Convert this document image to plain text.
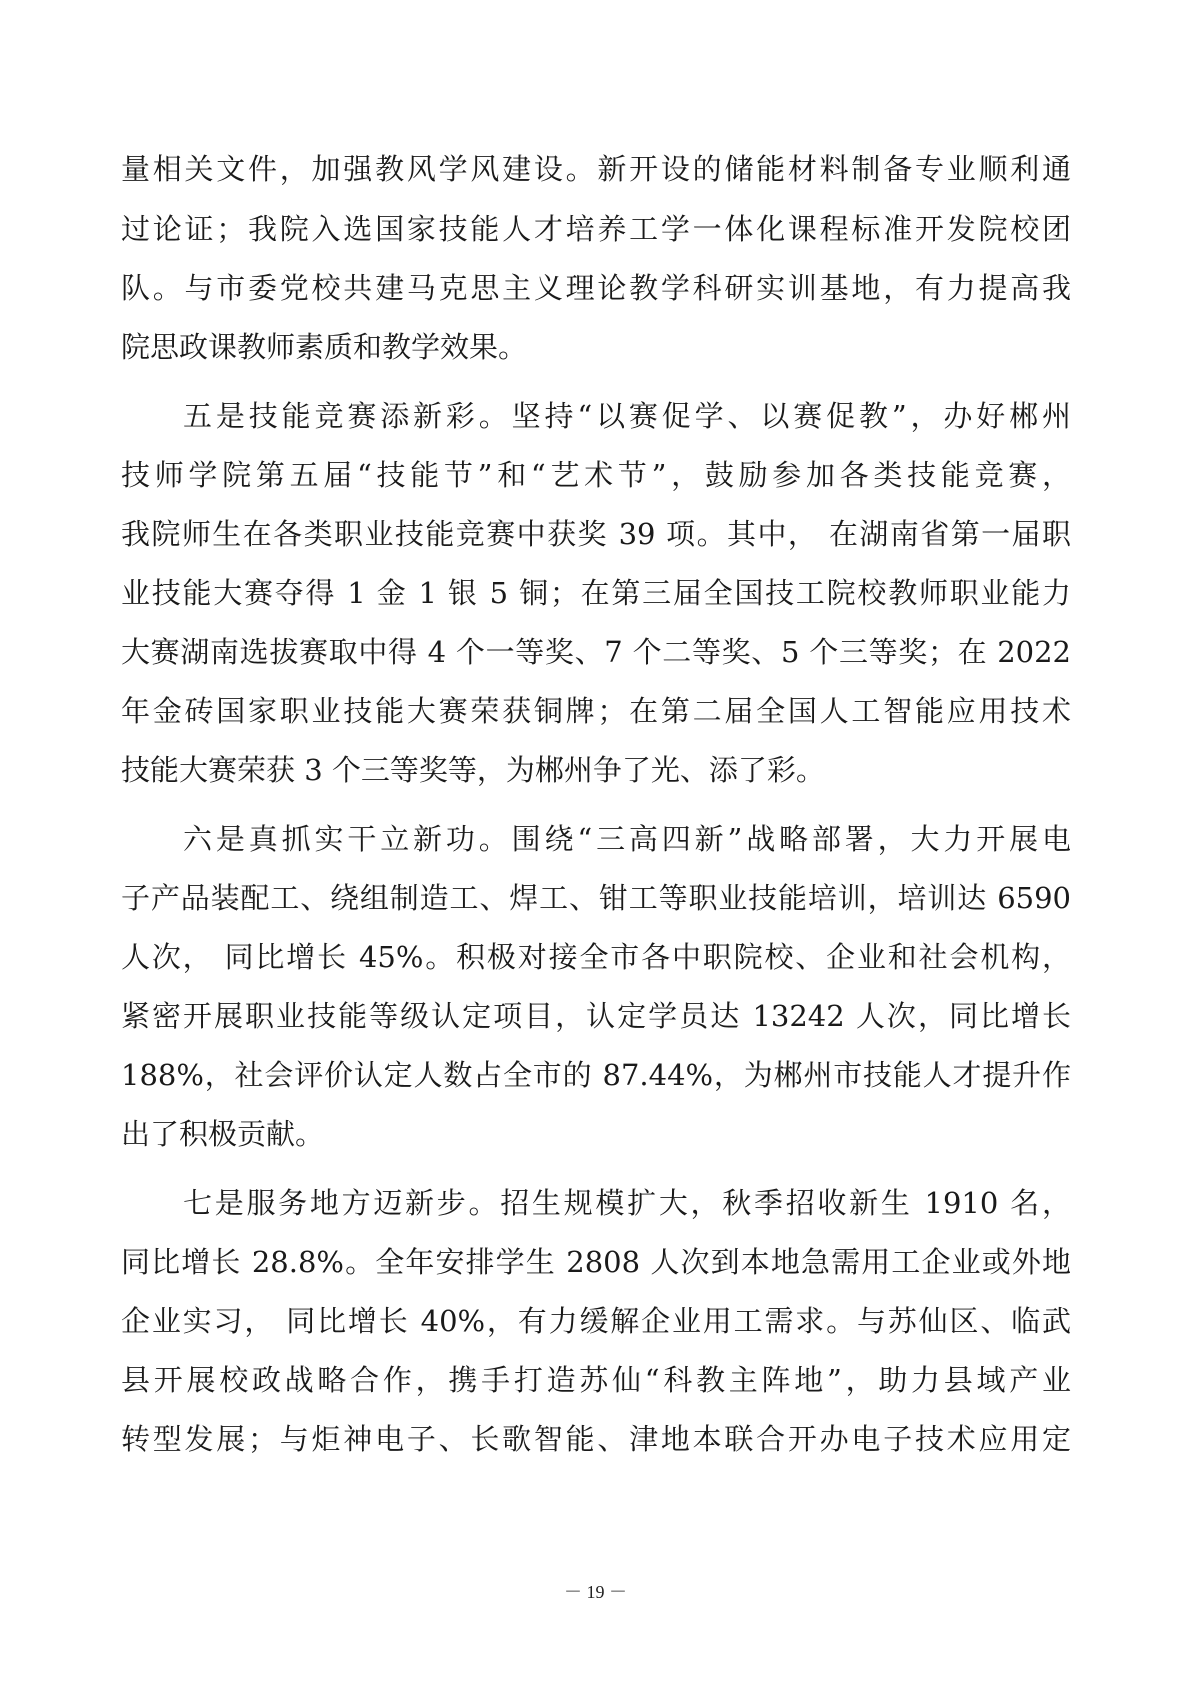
量相关文件，加强教风学风建设。新开设的储能材料制备专业顺利通
过论证；我院入选国家技能人才培养工学一体化课程标准开发院校团
队。与市委党校共建马克思主义理论教学科研实训基地，有力提高我
院思政课教师素质和教学效果。
五是技能竞赛添新彩。坚持“以赛促学、以赛促教”，办好郴州
技师学院第五届“技能节”和“艺术节”，鼓励参加各类技能竞赛，
我院师生在各类职业技能竞赛中获奖 39 项。其中， 在湖南省第一届职
业技能大赛夺得 1 金 1 银 5 铜；在第三届全国技工院校教师职业能力
大赛湖南选拔赛取中得 4 个一等奖、7 个二等奖、5 个三等奖；在 2022
年金砖国家职业技能大赛荣获铜牌；在第二届全国人工智能应用技术
技能大赛荣获 3 个三等奖等，为郴州争了光、添了彩。
六是真抓实干立新功。围绕“三高四新”战略部署，大力开展电
子产品装配工、绕组制造工、焊工、钳工等职业技能培训，培训达 6590
人次， 同比增长 45%。积极对接全市各中职院校、企业和社会机构，
紧密开展职业技能等级认定项目，认定学员达 13242 人次，同比增长
188%，社会评价认定人数占全市的 87.44%，为郴州市技能人才提升作
出了积极贡献。
七是服务地方迈新步。招生规模扩大，秋季招收新生 1910 名，
同比增长 28.8%。全年安排学生 2808 人次到本地急需用工企业或外地
企业实习， 同比增长 40%，有力缓解企业用工需求。与苏仙区、临武
县开展校政战略合作，携手打造苏仙“科教主阵地”，助力县域产业
转型发展；与炬神电子、长歌智能、津地本联合开办电子技术应用定
－ 19 －
